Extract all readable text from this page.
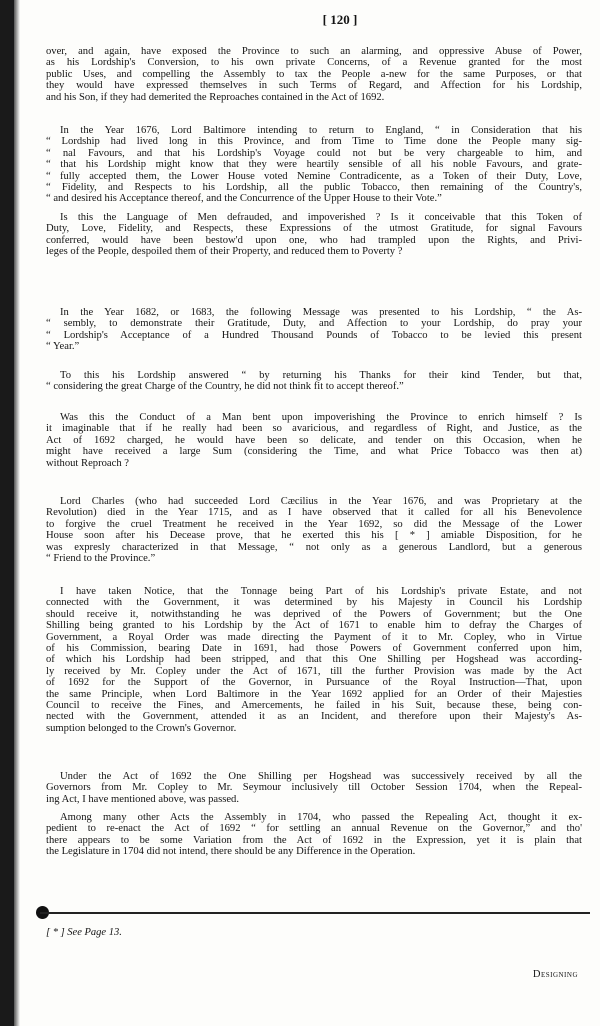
[ 120 ]
over, and again, have exposed the Province to such an alarming, and oppressive Abuse of Power,
as his Lordship's Conversion, to his own private Concerns, of a Revenue granted for the most
public Uses, and compelling the Assembly to tax the People a-new for the same Purposes, or that
they would have expressed themselves in such Terms of Regard, and Affection for his Lordship,
and his Son, if they had demerited the Reproaches contained in the Act of 1692.
In the Year 1676, Lord Baltimore intending to return to England, “ in Consideration that his
“ Lordship had lived long in this Province, and from Time to Time done the People many sig-
“ nal Favours, and that his Lordship's Voyage could not but be very chargeable to him, and
“ that his Lordship might know that they were heartily sensible of all his noble Favours, and grate-
“ fully accepted them, the Lower House voted Nemine Contradicente, as a Token of their Duty, Love,
“ Fidelity, and Respects to his Lordship, all the public Tobacco, then remaining of the Country's,
“ and desired his Acceptance thereof, and the Concurrence of the Upper House to their Vote.”
Is this the Language of Men defrauded, and impoverished ? Is it conceivable that this Token of
Duty, Love, Fidelity, and Respects, these Expressions of the utmost Gratitude, for signal Favours
conferred, would have been bestow'd upon one, who had trampled upon the Rights, and Privi-
leges of the People, despoiled them of their Property, and reduced them to Poverty ?
In the Year 1682, or 1683, the following Message was presented to his Lordship, “ the As-
“ sembly, to demonstrate their Gratitude, Duty, and Affection to your Lordship, do pray your
“ Lordship's Acceptance of a Hundred Thousand Pounds of Tobacco to be levied this present
“ Year.”
To this his Lordship answered “ by returning his Thanks for their kind Tender, but that,
“ considering the great Charge of the Country, he did not think fit to accept thereof.”
Was this the Conduct of a Man bent upon impoverishing the Province to enrich himself ? Is
it imaginable that if he really had been so avaricious, and regardless of Right, and Justice, as the
Act of 1692 charged, he would have been so delicate, and tender on this Occasion, when he
might have received a large Sum (considering the Time, and what Price Tobacco was then at)
without Reproach ?
Lord Charles (who had succeeded Lord Cæcilius in the Year 1676, and was Proprietary at the
Revolution) died in the Year 1715, and as I have observed that it called for all his Benevolence
to forgive the cruel Treatment he received in the Year 1692, so did the Message of the Lower
House soon after his Decease prove, that he exerted this his [ * ] amiable Disposition, for he
was expresly characterized in that Message, “ not only as a generous Landlord, but a generous
“ Friend to the Province.”
I have taken Notice, that the Tonnage being Part of his Lordship's private Estate, and not
connected with the Government, it was determined by his Majesty in Council his Lordship
should receive it, notwithstanding he was deprived of the Powers of Government; but the One
Shilling being granted to his Lordship by the Act of 1671 to enable him to defray the Charges of
Government, a Royal Order was made directing the Payment of it to Mr. Copley, who in Virtue
of his Commission, bearing Date in 1691, had those Powers of Government conferred upon him,
of which his Lordship had been stripped, and that this One Shilling per Hogshead was according-
ly received by Mr. Copley under the Act of 1671, till the further Provision was made by the Act
of 1692 for the Support of the Governor, in Pursuance of the Royal Instruction—That, upon
the same Principle, when Lord Baltimore in the Year 1692 applied for an Order of their Majesties
Council to receive the Fines, and Amercements, he failed in his Suit, because these, being con-
nected with the Government, attended it as an Incident, and therefore upon their Majesty's As-
sumption belonged to the Crown's Governor.
Under the Act of 1692 the One Shilling per Hogshead was successively received by all the
Governors from Mr. Copley to Mr. Seymour inclusively till October Session 1704, when the Repeal-
ing Act, I have mentioned above, was passed.
Among many other Acts the Assembly in 1704, who passed the Repealing Act, thought it ex-
pedient to re-enact the Act of 1692 “ for settling an annual Revenue on the Governor,” and tho'
there appears to be some Variation from the Act of 1692 in the Expression, yet it is plain that
the Legislature in 1704 did not intend, there should be any Difference in the Operation.
[ * ] See Page 13.
Designing
